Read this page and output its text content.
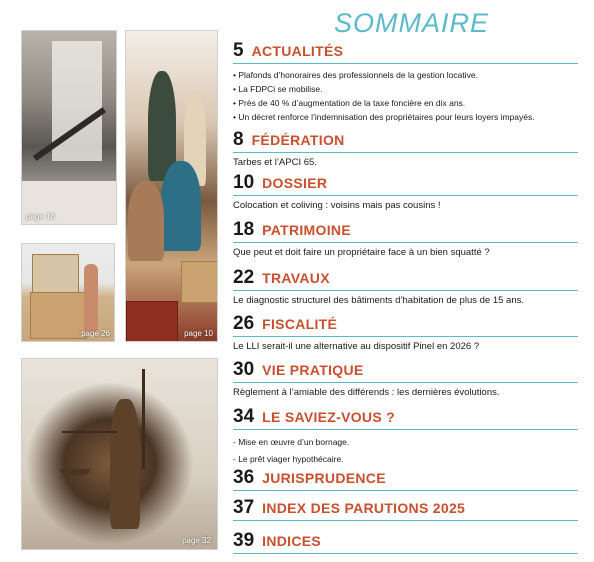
page 18
page 10
page 26
page 32
SOMMAIRE
5 ACTUALITÉS
• Plafonds d’honoraires des professionnels de la gestion locative.
• La FDPCi se mobilise.
• Près de 40 % d’augmentation de la taxe foncière en dix ans.
• Un décret renforce l’indemnisation des propriétaires pour leurs loyers impayés.
8 FÉDÉRATION
Tarbes et l’APCI 65.
10 DOSSIER
Colocation et coliving : voisins mais pas cousins !
18 PATRIMOINE
Que peut et doit faire un propriétaire face à un bien squatté ?
22 TRAVAUX
Le diagnostic structurel des bâtiments d’habitation de plus de 15 ans.
26 FISCALITÉ
Le LLI serait-il une alternative au dispositif Pinel en 2026 ?
30 VIE PRATIQUE
Règlement à l’amiable des différends : les dernières évolutions.
34 LE SAVIEZ-VOUS ?
- Mise en œuvre d’un bornage.
- Le prêt viager hypothécaire.
36 JURISPRUDENCE
37 INDEX DES PARUTIONS 2025
39 INDICES
